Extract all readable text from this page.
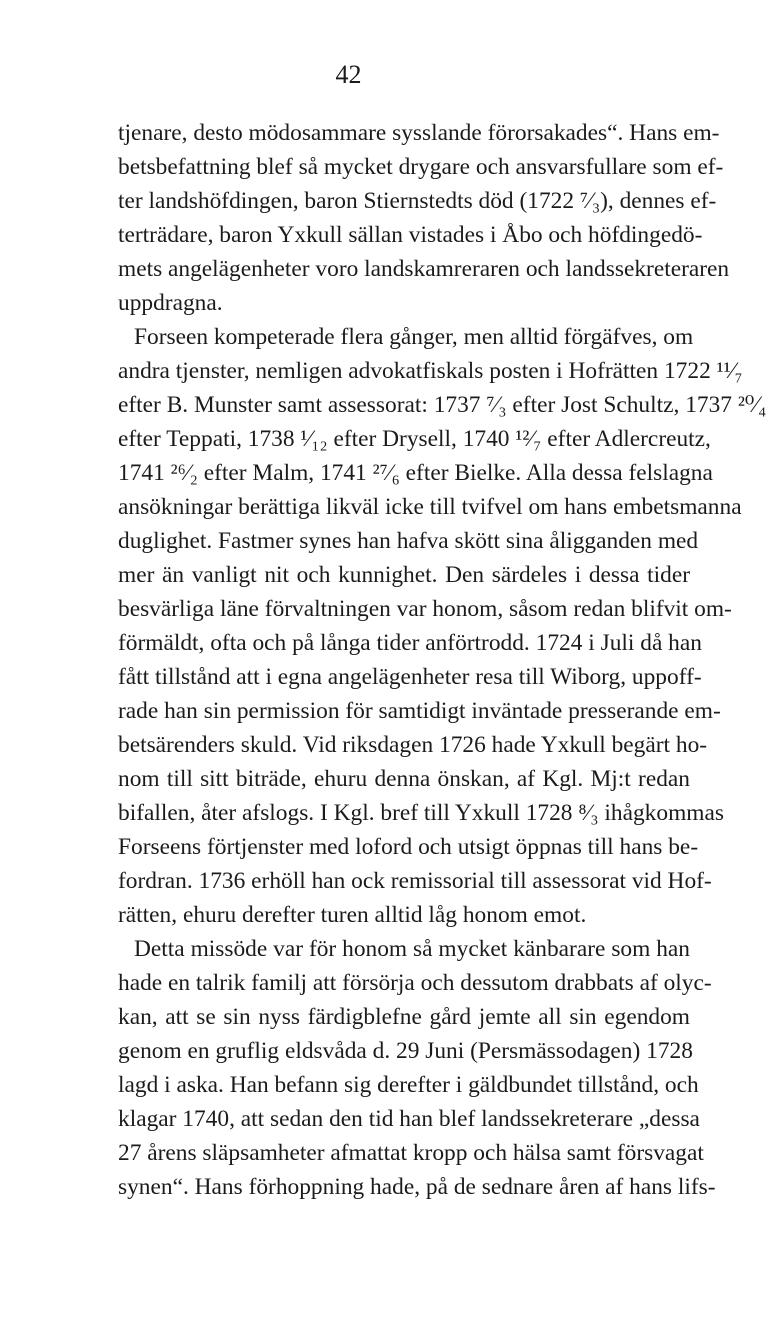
42
tjenare, desto mödosammare sysslande förorsakades“. Hans em-
betsbefattning blef så mycket drygare och ansvarsfullare som ef-
ter landshöfdingen, baron Stiernstedts död (1722 ⁷⁄₃), dennes ef-
terträdare, baron Yxkull sällan vistades i Åbo och höfdingedö-
mets angelägenheter voro landskamreraren och landssekreteraren
uppdragna.
Forseen kompeterade flera gånger, men alltid förgäfves, om
andra tjenster, nemligen advokatfiskals posten i Hofrätten 1722 ¹¹⁄₇
efter B. Munster samt assessorat: 1737 ⁷⁄₃ efter Jost Schultz, 1737 ²⁰⁄₄
efter Teppati, 1738 ¹⁄₁₂ efter Drysell, 1740 ¹²⁄₇ efter Adlercreutz,
1741 ²⁶⁄₂ efter Malm, 1741 ²⁷⁄₆ efter Bielke. Alla dessa felslagna
ansökningar berättiga likväl icke till tvifvel om hans embetsmanna
duglighet. Fastmer synes han hafva skött sina åligganden med
mer än vanligt nit och kunnighet. Den särdeles i dessa tider
besvärliga läne förvaltningen var honom, såsom redan blifvit om-
förmäldt, ofta och på långa tider anförtrodd. 1724 i Juli då han
fått tillstånd att i egna angelägenheter resa till Wiborg, uppoff-
rade han sin permission för samtidigt inväntade presserande em-
betsärenders skuld. Vid riksdagen 1726 hade Yxkull begärt ho-
nom till sitt biträde, ehuru denna önskan, af Kgl. Mj:t redan
bifallen, åter afslogs. I Kgl. bref till Yxkull 1728 ⁸⁄₃ ihågkommas
Forseens förtjenster med loford och utsigt öppnas till hans be-
fordran. 1736 erhöll han ock remissorial till assessorat vid Hof-
rätten, ehuru derefter turen alltid låg honom emot.
Detta missöde var för honom så mycket känbarare som han
hade en talrik familj att försörja och dessutom drabbats af olyc-
kan, att se sin nyss färdigblefne gård jemte all sin egendom
genom en gruflig eldsvåda d. 29 Juni (Persmässodagen) 1728
lagd i aska. Han befann sig derefter i gäldbundet tillstånd, och
klagar 1740, att sedan den tid han blef landssekreterare „dessa
27 årens släpsamheter afmattat kropp och hälsa samt försvagat
synen“. Hans förhoppning hade, på de sednare åren af hans lifs-
